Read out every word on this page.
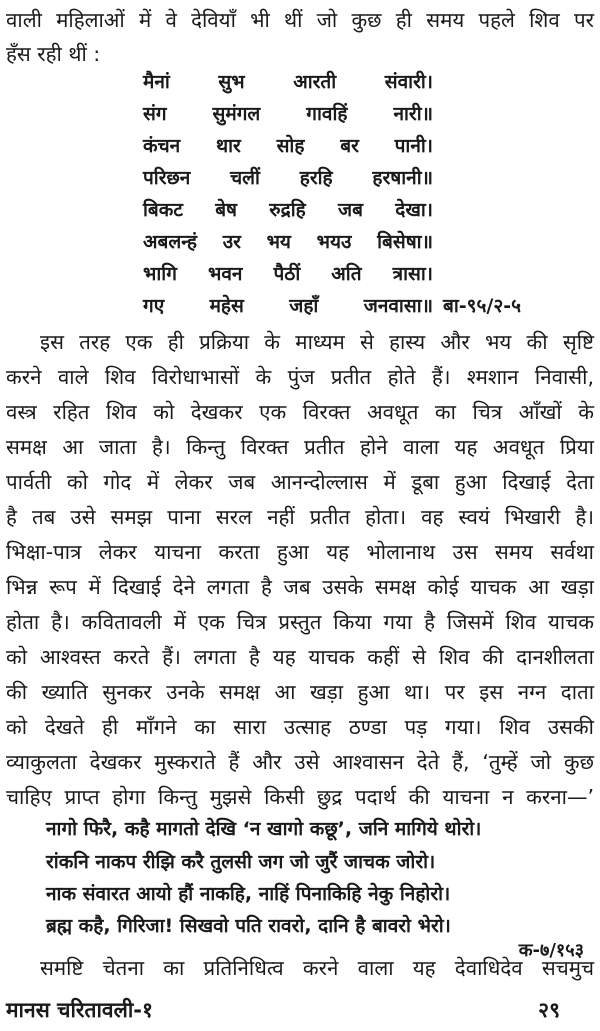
वाली महिलाओं में वे देवियाँ भी थीं जो कुछ ही समय पहले शिव पर
हँस रही थीं :
मैनां सुभ आरती संवारी।
संग सुमंगल गावहिं नारी॥
कंचन थार सोह बर पानी।
परिछन चलीं हरहि हरषानी॥
बिकट बेष रुद्रहि जब देखा।
अबलन्हं उर भय भयउ बिसेषा॥
भागि भवन पैठीं अति त्रासा।
गए महेस जहाँ जनवासा॥ बा-९५/२-५
इस तरह एक ही प्रक्रिया के माध्यम से हास्य और भय की सृष्टि
करने वाले शिव विरोधाभासों के पुंज प्रतीत होते हैं। श्मशान निवासी,
वस्त्र रहित शिव को देखकर एक विरक्त अवधूत का चित्र आँखों के
समक्ष आ जाता है। किन्तु विरक्त प्रतीत होने वाला यह अवधूत प्रिया
पार्वती को गोद में लेकर जब आनन्दोल्लास में डूबा हुआ दिखाई देता
है तब उसे समझ पाना सरल नहीं प्रतीत होता। वह स्वयं भिखारी है।
भिक्षा-पात्र लेकर याचना करता हुआ यह भोलानाथ उस समय सर्वथा
भिन्न रूप में दिखाई देने लगता है जब उसके समक्ष कोई याचक आ खड़ा
होता है। कवितावली में एक चित्र प्रस्तुत किया गया है जिसमें शिव याचक
को आश्वस्त करते हैं। लगता है यह याचक कहीं से शिव की दानशीलता
की ख्याति सुनकर उनके समक्ष आ खड़ा हुआ था। पर इस नग्न दाता
को देखते ही माँगने का सारा उत्साह ठण्डा पड़ गया। शिव उसकी
व्याकुलता देखकर मुस्कराते हैं और उसे आश्वासन देते हैं, ‘तुम्हें जो कुछ
चाहिए प्राप्त होगा किन्तु मुझसे किसी छुद्र पदार्थ की याचना न करना—’
नागो फिरै, कहै मागतो देखि ‘न खागो कछू’, जनि मागिये थोरो।
रांकनि नाकप रीझि करै तुलसी जग जो जुरैं जाचक जोरो।
नाक संवारत आयो हौं नाकहि, नाहिं पिनाकिहि नेकु निहोरो।
ब्रह्म कहै, गिरिजा! सिखवो पति रावरो, दानि है बावरो भेरो।
क-७/१५३
समष्टि चेतना का प्रतिनिधित्व करने वाला यह देवाधिदेव सचमुच
मानस चरितावली-१	२९
